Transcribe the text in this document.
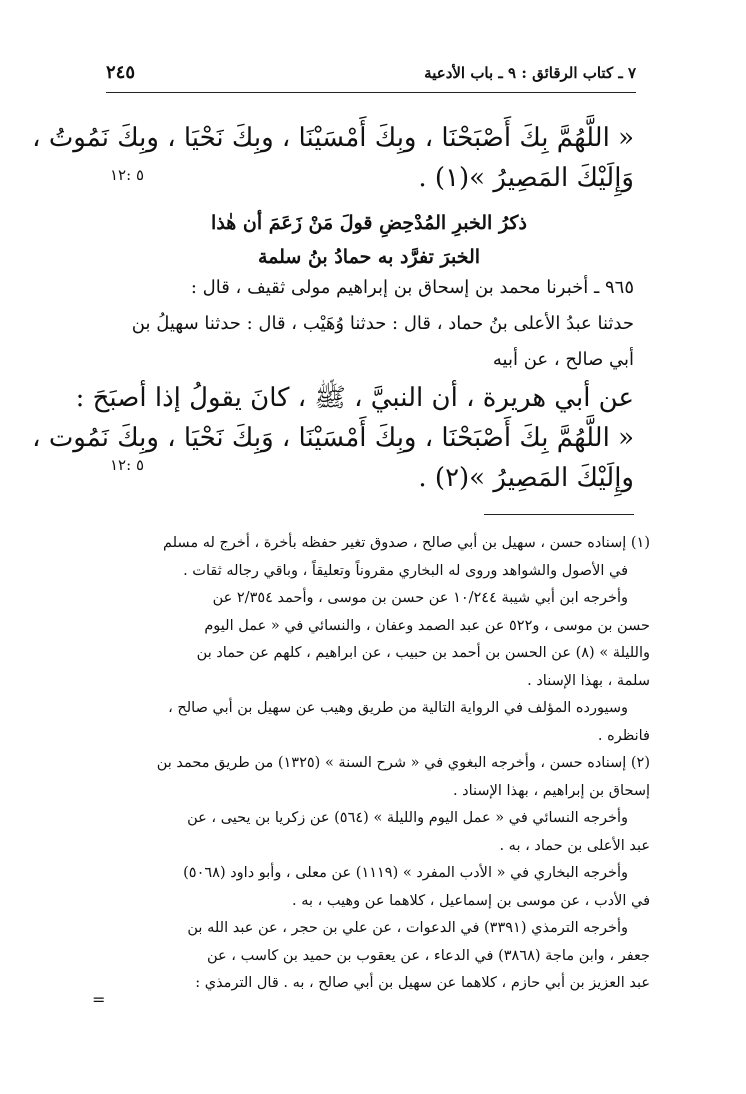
٧ ـ كتاب الرقائق : ٩ ـ باب الأدعية
٢٤٥
« اللَّهُمَّ بِكَ أَصْبَحْنَا ، وبِكَ أَمْسَيْنَا ، وبِكَ نَحْيَا ، وبِكَ نَمُوتُ ،
وَإِلَيْكَ المَصِيرُ »(١) .
٥ :١٢
ذكرُ الخبرِ المُدْحِضِ قولَ مَنْ زَعَمَ أن هٰذا
الخبرَ تفرَّد به حمادُ بنُ سلمة
٩٦٥ ـ أخبرنا محمد بن إسحاق بن إبراهيم مولى ثقيف ، قال :
حدثنا عبدُ الأعلى بنُ حماد ، قال : حدثنا وُهَيْب ، قال : حدثنا سهيلُ بن
أبي صالح ، عن أبيه
عن أبي هريرة ، أن النبيَّ ، ﷺ ، كانَ يقولُ إذا أصبَحَ :
« اللَّهُمَّ بِكَ أَصْبَحْنَا ، وبِكَ أَمْسَيْنَا ، وَبِكَ نَحْيَا ، وبِكَ نَمُوت ،
وإِلَيْكَ المَصِيرُ »(٢) .
٥ :١٢
(١) إسناده حسن ، سهيل بن أبي صالح ، صدوق تغير حفظه بأخرة ، أخرج له مسلم
في الأصول والشواهد وروى له البخاري مقروناً وتعليقاً ، وباقي رجاله ثقات .
وأخرجه ابن أبي شيبة ١٠/٢٤٤ عن حسن بن موسى ، وأحمد ٢/٣٥٤ عن
حسن بن موسى ، و٥٢٢ عن عبد الصمد وعفان ، والنسائي في « عمل اليوم
والليلة » (٨) عن الحسن بن أحمد بن حبيب ، عن ابراهيم ، كلهم عن حماد بن
سلمة ، بهذا الإسناد .
وسيورده المؤلف في الرواية التالية من طريق وهيب عن سهيل بن أبي صالح ،
فانظره .
(٢) إسناده حسن ، وأخرجه البغوي في « شرح السنة » (١٣٢٥) من طريق محمد بن
إسحاق بن إبراهيم ، بهذا الإسناد .
وأخرجه النسائي في « عمل اليوم والليلة » (٥٦٤) عن زكريا بن يحيى ، عن
عبد الأعلى بن حماد ، به .
وأخرجه البخاري في « الأدب المفرد » (١١١٩) عن معلى ، وأبو داود (٥٠٦٨)
في الأدب ، عن موسى بن إسماعيل ، كلاهما عن وهيب ، به .
وأخرجه الترمذي (٣٣٩١) في الدعوات ، عن علي بن حجر ، عن عبد الله بن
جعفر ، وابن ماجة (٣٨٦٨) في الدعاء ، عن يعقوب بن حميد بن كاسب ، عن
عبد العزيز بن أبي حازم ، كلاهما عن سهيل بن أبي صالح ، به . قال الترمذي :
=
